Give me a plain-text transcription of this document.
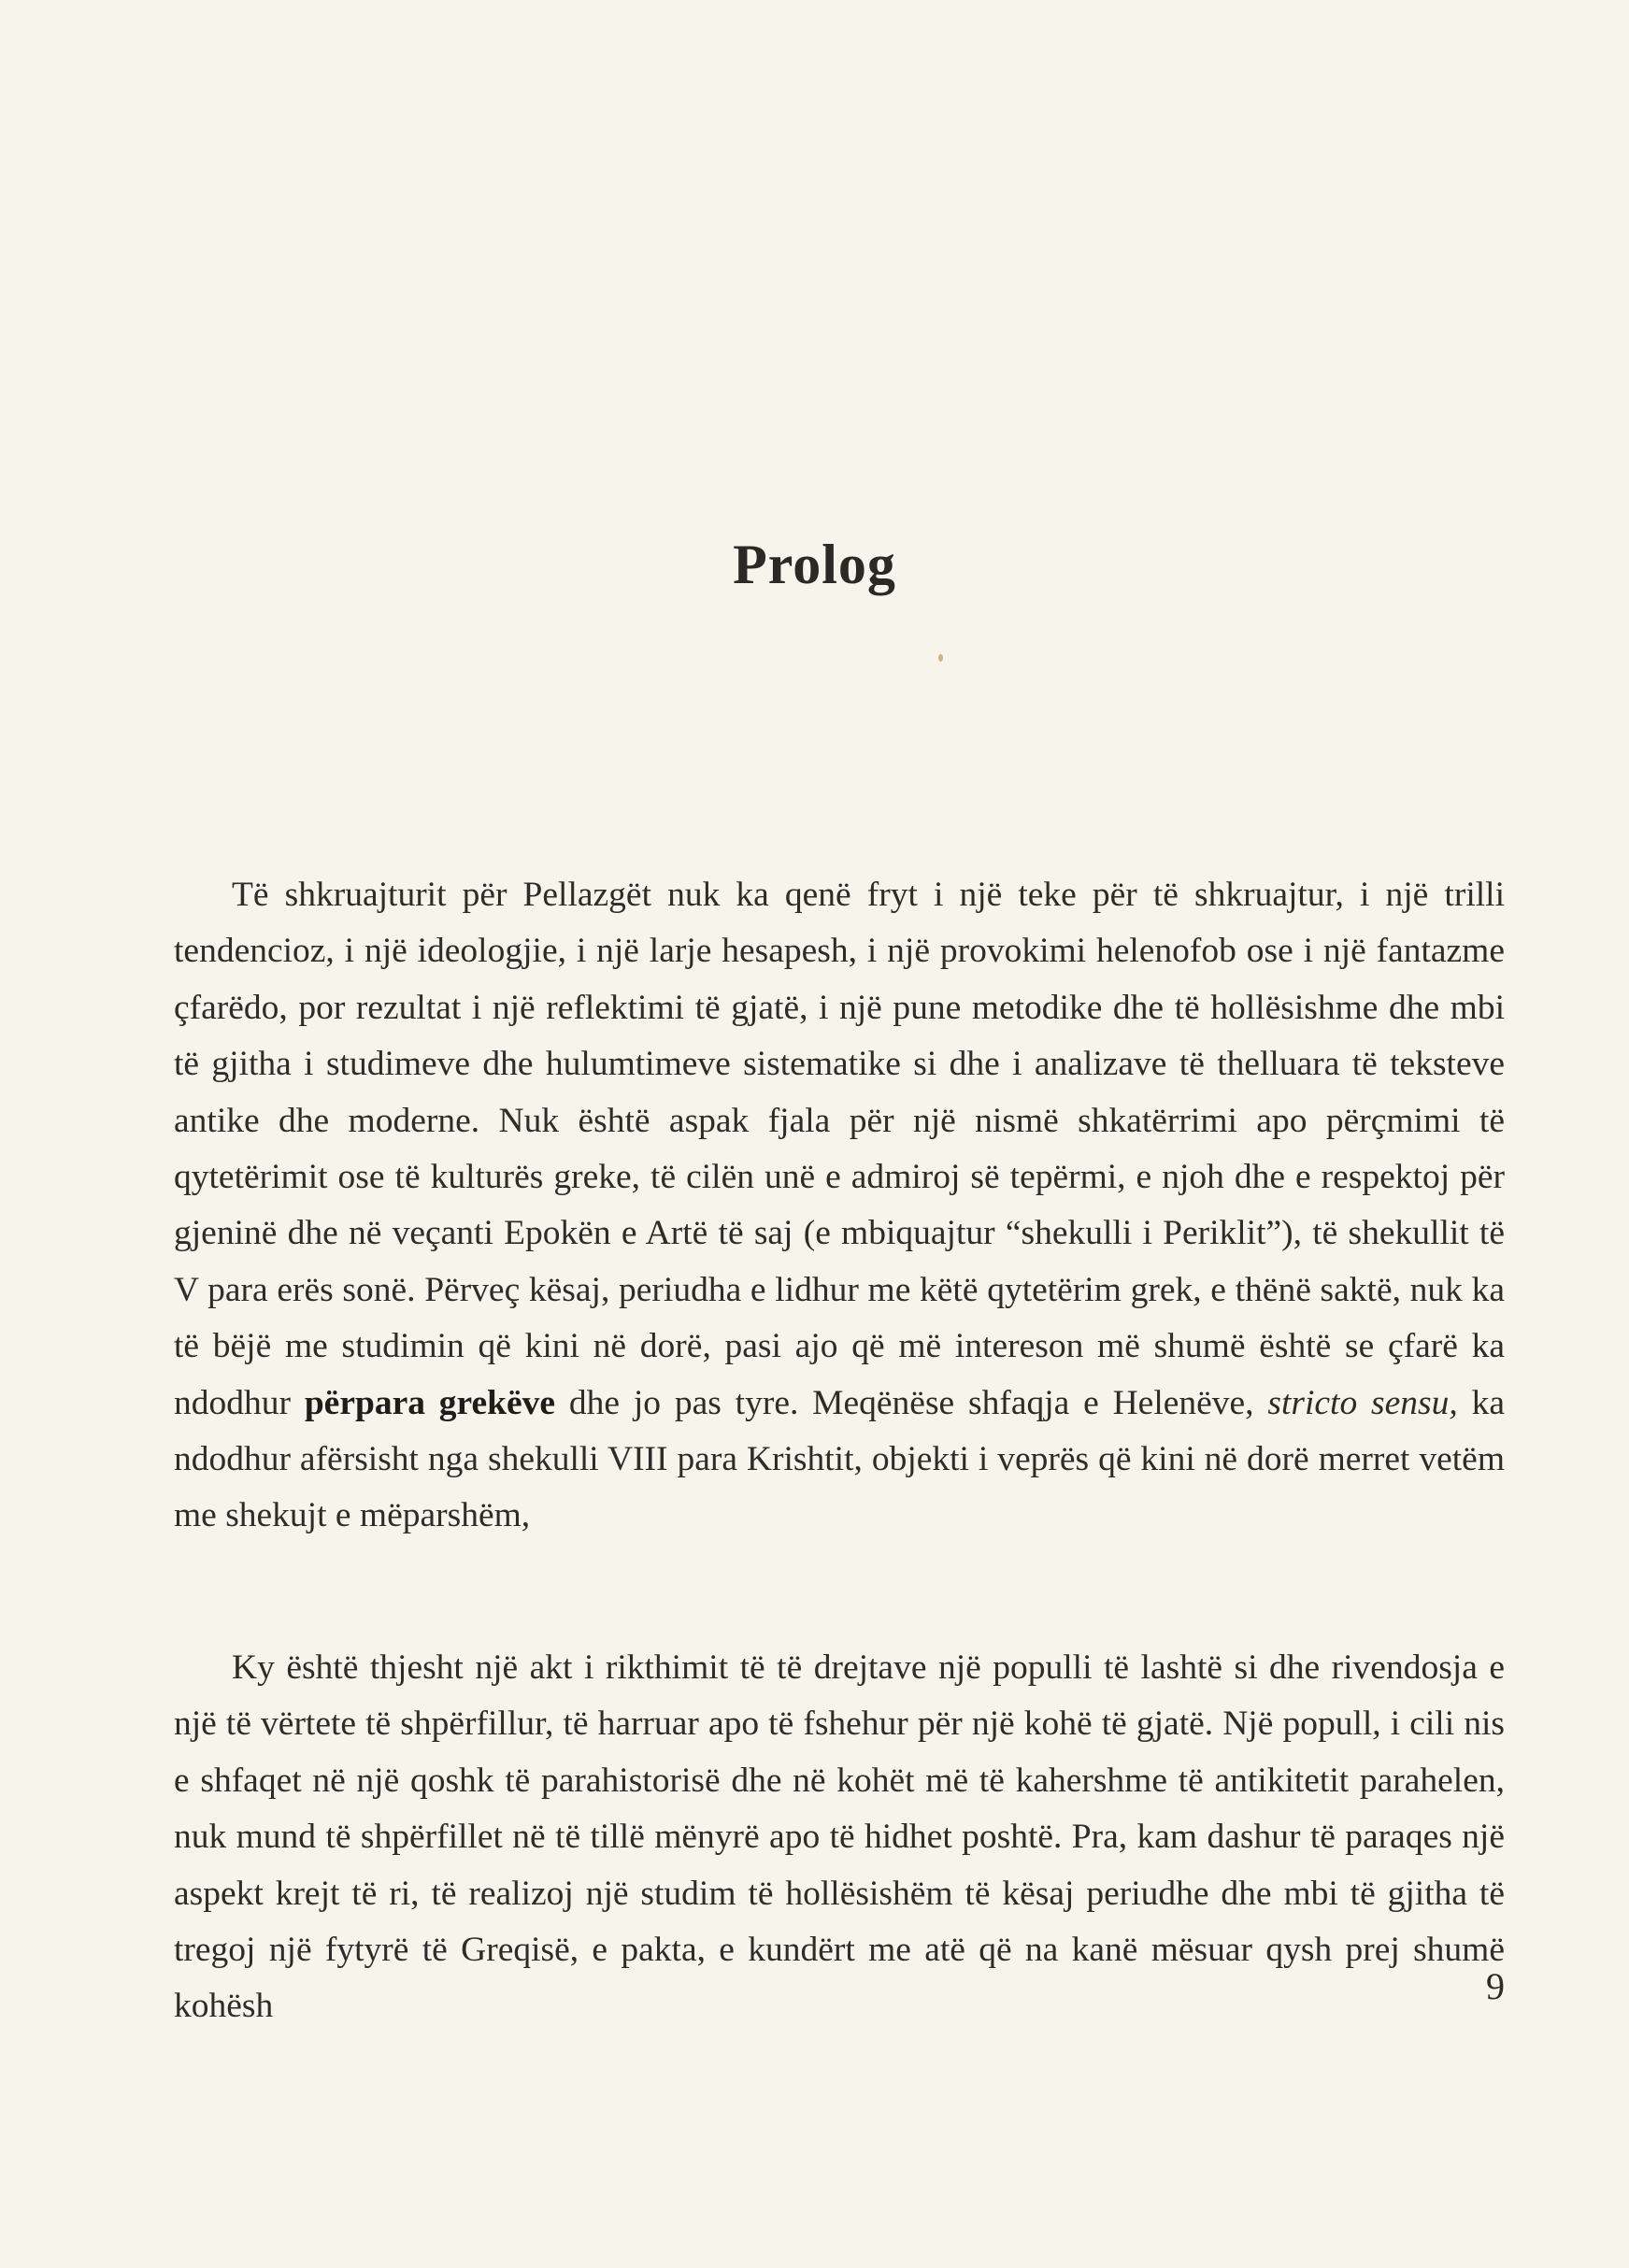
Prolog

Të shkruajturit për Pellazgët nuk ka qenë fryt i një teke për të shkruajtur, i një trilli tendencioz, i një ideologjie, i një larje hesapesh, i një provokimi helenofob ose i një fantazme çfarëdo, por rezultat i një reflektimi të gjatë, i një pune metodike dhe të hollësishme dhe mbi të gjitha i studimeve dhe hulumtimeve sistematike si dhe i analizave të thelluara të teksteve antike dhe moderne. Nuk është aspak fjala për një nismë shkatërrimi apo përçmimi të qytetërimit ose të kulturës greke, të cilën unë e admiroj së tepërmi, e njoh dhe e respektoj për gjeninë dhe në veçanti Epokën e Artë të saj (e mbiquajtur “shekulli i Periklit”), të shekullit të V para erës sonë. Përveç kësaj, periudha e lidhur me këtë qytetërim grek, e thënë saktë, nuk ka të bëjë me studimin që kini në dorë, pasi ajo që më intereson më shumë është se çfarë ka ndodhur përpara grekëve dhe jo pas tyre. Meqënëse shfaqja e Helenëve, stricto sensu, ka ndodhur afërsisht nga shekulli VIII para Krishtit, objekti i veprës që kini në dorë merret vetëm me shekujt e mëparshëm,

Ky është thjesht një akt i rikthimit të të drejtave një populli të lashtë si dhe rivendosja e një të vërtete të shpërfillur, të harruar apo të fshehur për një kohë të gjatë. Një popull, i cili nis e shfaqet në një qoshk të parahistorisë dhe në kohët më të kahershme të antikitetit parahelen, nuk mund të shpërfillet në të tillë mënyrë apo të hidhet poshtë. Pra, kam dashur të paraqes një aspekt krejt të ri, të realizoj një studim të hollësishëm të kësaj periudhe dhe mbi të gjitha të tregoj një fytyrë të Greqisë, e pakta, e kundërt me atë që na kanë mësuar qysh prej shumë kohësh	9
